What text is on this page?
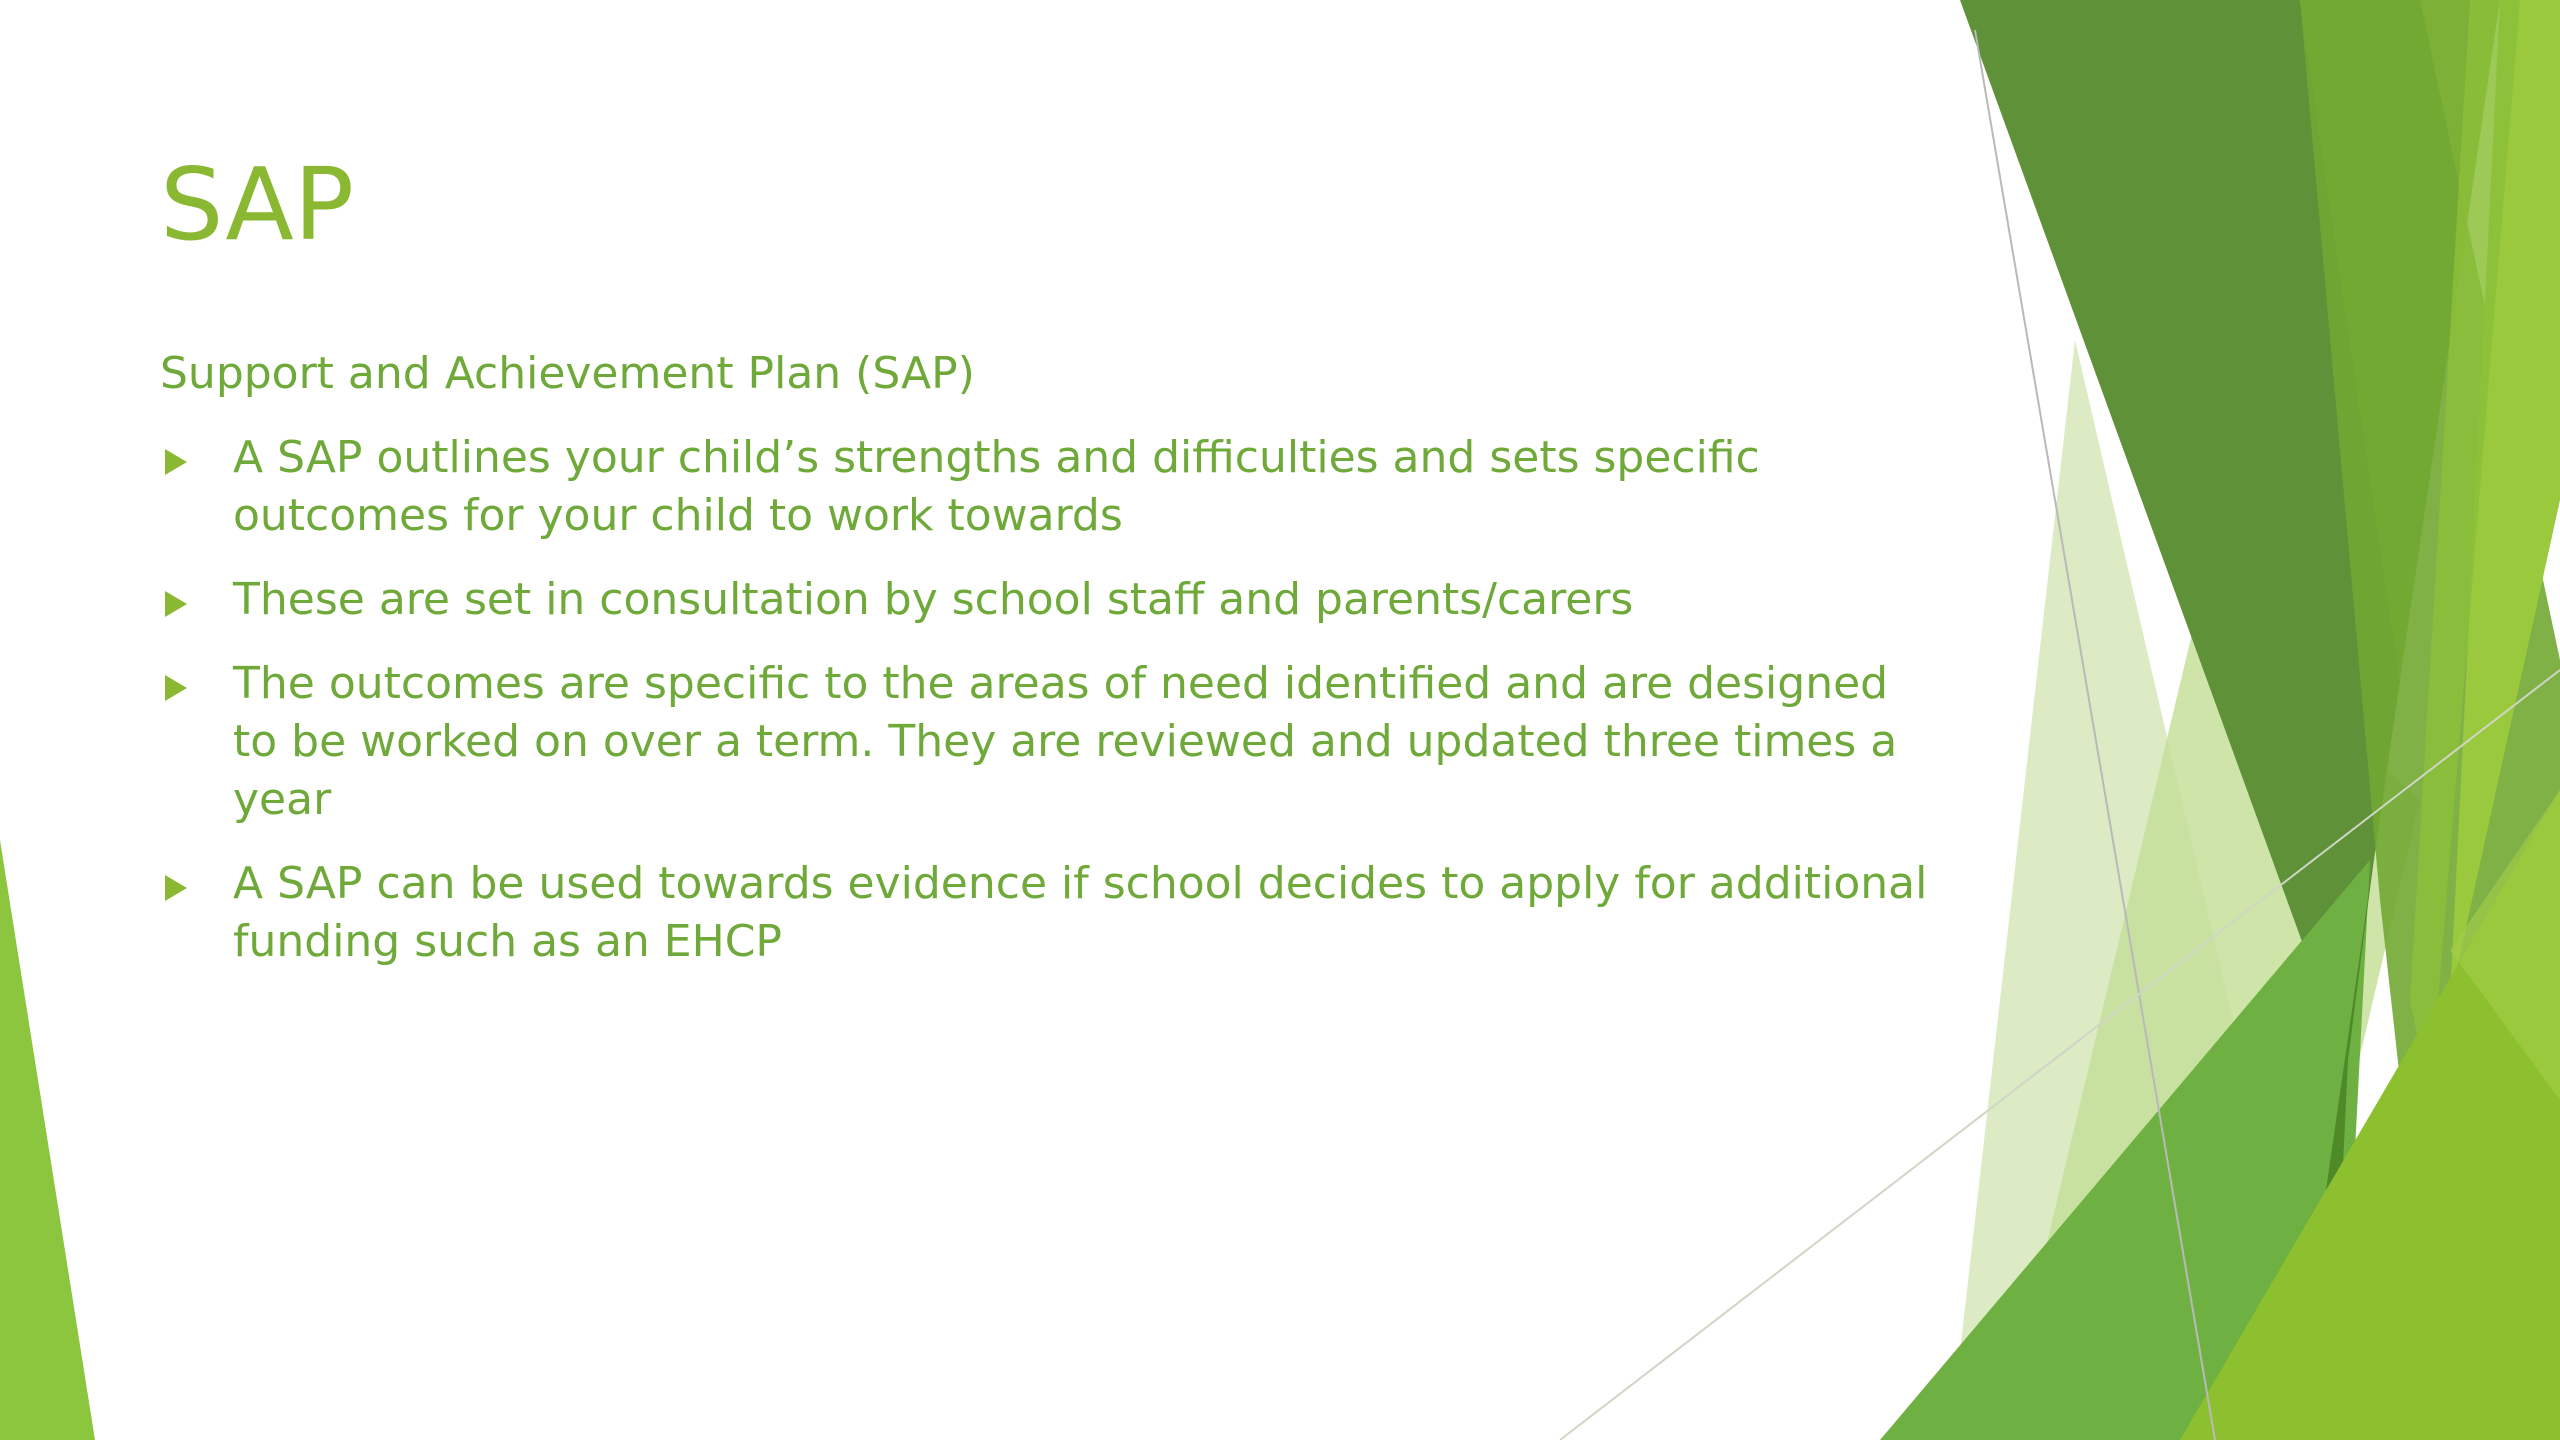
SAP

Support and Achievement Plan (SAP)

A SAP outlines your child’s strengths and difficulties and sets specific outcomes for your child to work towards
These are set in consultation by school staff and parents/carers
The outcomes are specific to the areas of need identified and are designed to be worked on over a term. They are reviewed and updated three times a year
A SAP can be used towards evidence if school decides to apply for additional funding such as an EHCP
